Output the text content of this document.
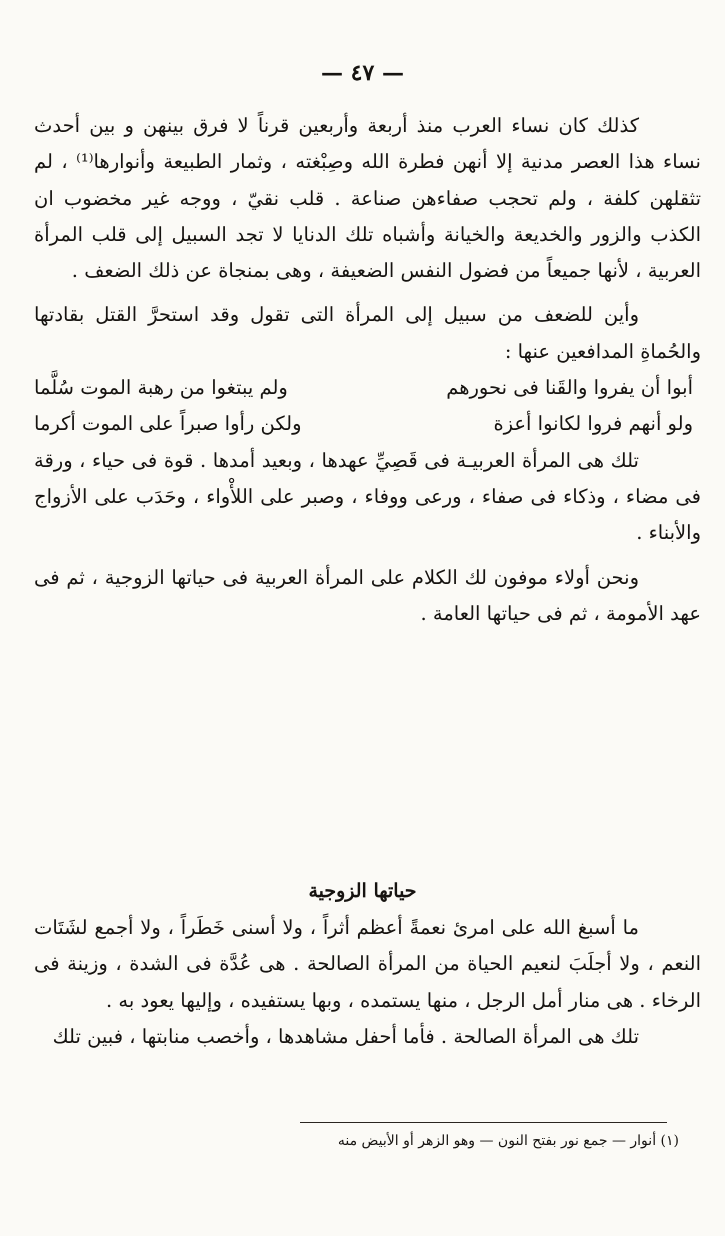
— ٤٧ —

كذلك كان نساء العرب منذ أربعة وأربعين قرناً لا فرق بينهن و بين أحدث نساء هذا العصر مدنية إلا أنهن فطرة الله وصِبْغته ، وثمار الطبيعة وأنوارها⁽¹⁾ ، لم تثقلهن كلفة ، ولم تحجب صفاءهن صناعة . قلب نقيّ ، ووجه غير مخضوب ان الكذب والزور والخديعة والخيانة وأشباه تلك الدنايا لا تجد السبيل إلى قلب المرأة العربية ، لأنها جميعاً من فضول النفس الضعيفة ، وهى بمنجاة عن ذلك الضعف .

وأين للضعف من سبيل إلى المرأة التى تقول وقد استحرَّ القتل بقادتها والحُماةِ المدافعين عنها :

أبوا أن يفروا والقَنا فى نحورهم
ولم يبتغوا من رهبة الموت سُلَّما
ولو أنهم فروا لكانوا أعزة
ولكن رأوا صبراً على الموت أكرما

تلك هى المرأة العربيـة فى قَصِيِّ عهدها ، وبعيد أمدها . قوة فى حياء ، ورقة فى مضاء ، وذكاء فى صفاء ، ورعى ووفاء ، وصبر على اللأْواء ، وحَدَب على الأزواج والأبناء .

ونحن أولاء موفون لك الكلام على المرأة العربية فى حياتها الزوجية ، ثم فى عهد الأمومة ، ثم فى حياتها العامة .

حياتها الزوجية

ما أسبغ الله على امرئ نعمةً أعظم أثراً ، ولا أسنى خَطَراً ، ولا أجمع لشَتَات النعم ، ولا أجلَبَ لنعيم الحياة من المرأة الصالحة . هى عُدَّة فى الشدة ، وزينة فى الرخاء . هى منار أمل الرجل ، منها يستمده ، وبها يستفيده ، وإليها يعود به .

تلك هى المرأة الصالحة . فأما أحفل مشاهدها ، وأخصب منابتها ، فبين تلك

(١) أنوار — جمع نور بفتح النون — وهو الزهر أو الأبيض منه
